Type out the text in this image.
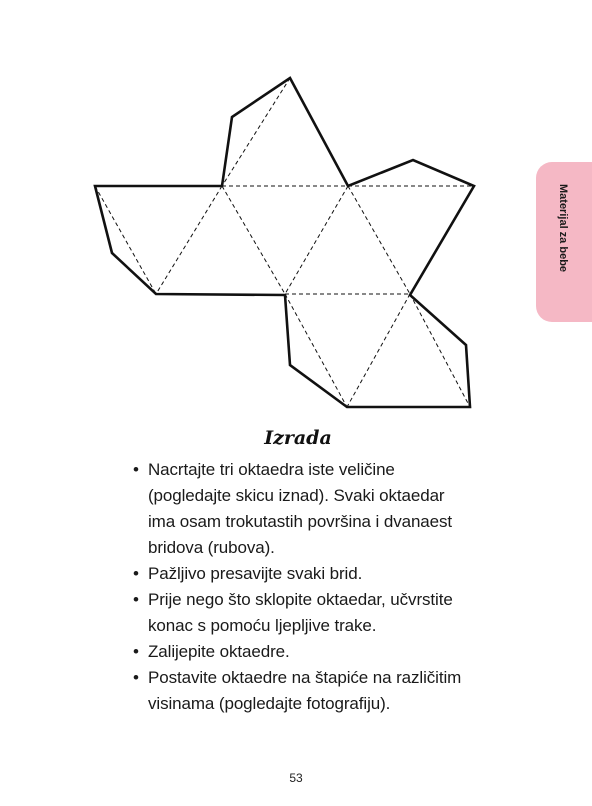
Materijal za bebe
Izrada
• Nacrtajte tri oktaedra iste veličine
(pogledajte skicu iznad). Svaki oktaedar
ima osam trokutastih površina i dvanaest
bridova (rubova).
• Pažljivo presavijte svaki brid.
• Prije nego što sklopite oktaedar, učvrstite
konac s pomoću ljepljive trake.
• Zalijepite oktaedre.
• Postavite oktaedre na štapiće na različitim
visinama (pogledajte fotografiju).
53
